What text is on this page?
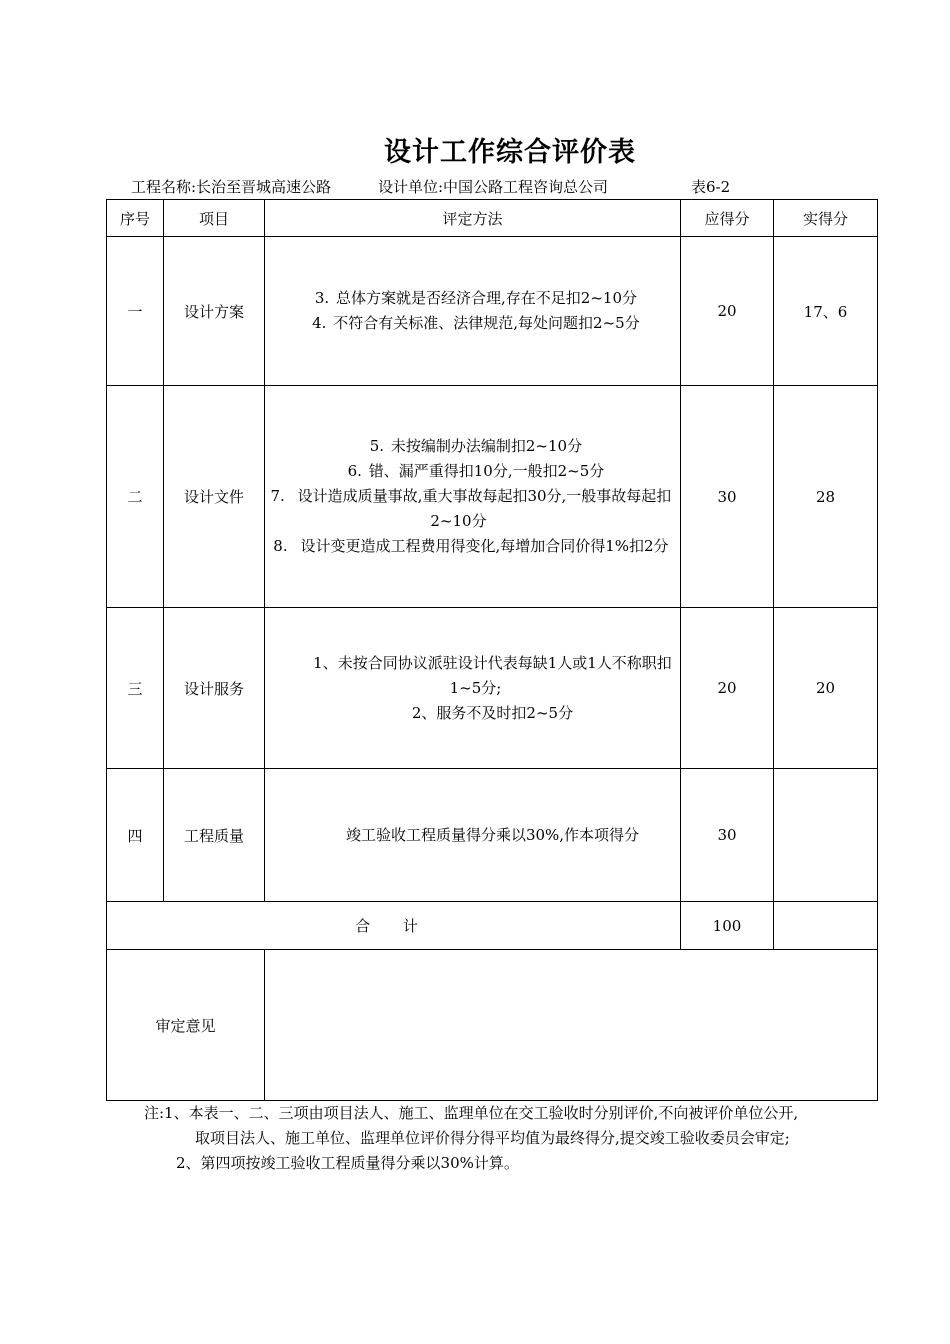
设计工作综合评价表
工程名称:长治至晋城高速公路	设计单位:中国公路工程咨询总公司	表6-2
序号	项目	评定方法	应得分	实得分
一	设计方案	3. 总体方案就是否经济合理,存在不足扣2~10分
4. 不符合有关标准、法律规范,每处问题扣2~5分	20	17、6
二	设计文件	5. 未按编制办法编制扣2~10分
6. 错、漏严重得扣10分,一般扣2~5分
7. 设计造成质量事故,重大事故每起扣30分,一般事故每起扣2~10分
8. 设计变更造成工程费用得变化,每增加合同价得1%扣2分	30	28
三	设计服务	1、未按合同协议派驻设计代表每缺1人或1人不称职扣1~5分;
2、服务不及时扣2~5分	20	20
四	工程质量	竣工验收工程质量得分乘以30%,作本项得分	30	
合 计			100	
审定意见				
注:1、本表一、二、三项由项目法人、施工、监理单位在交工验收时分别评价,不向被评价单位公开,
取项目法人、施工单位、监理单位评价得分得平均值为最终得分,提交竣工验收委员会审定;
2、第四项按竣工验收工程质量得分乘以30%计算。
